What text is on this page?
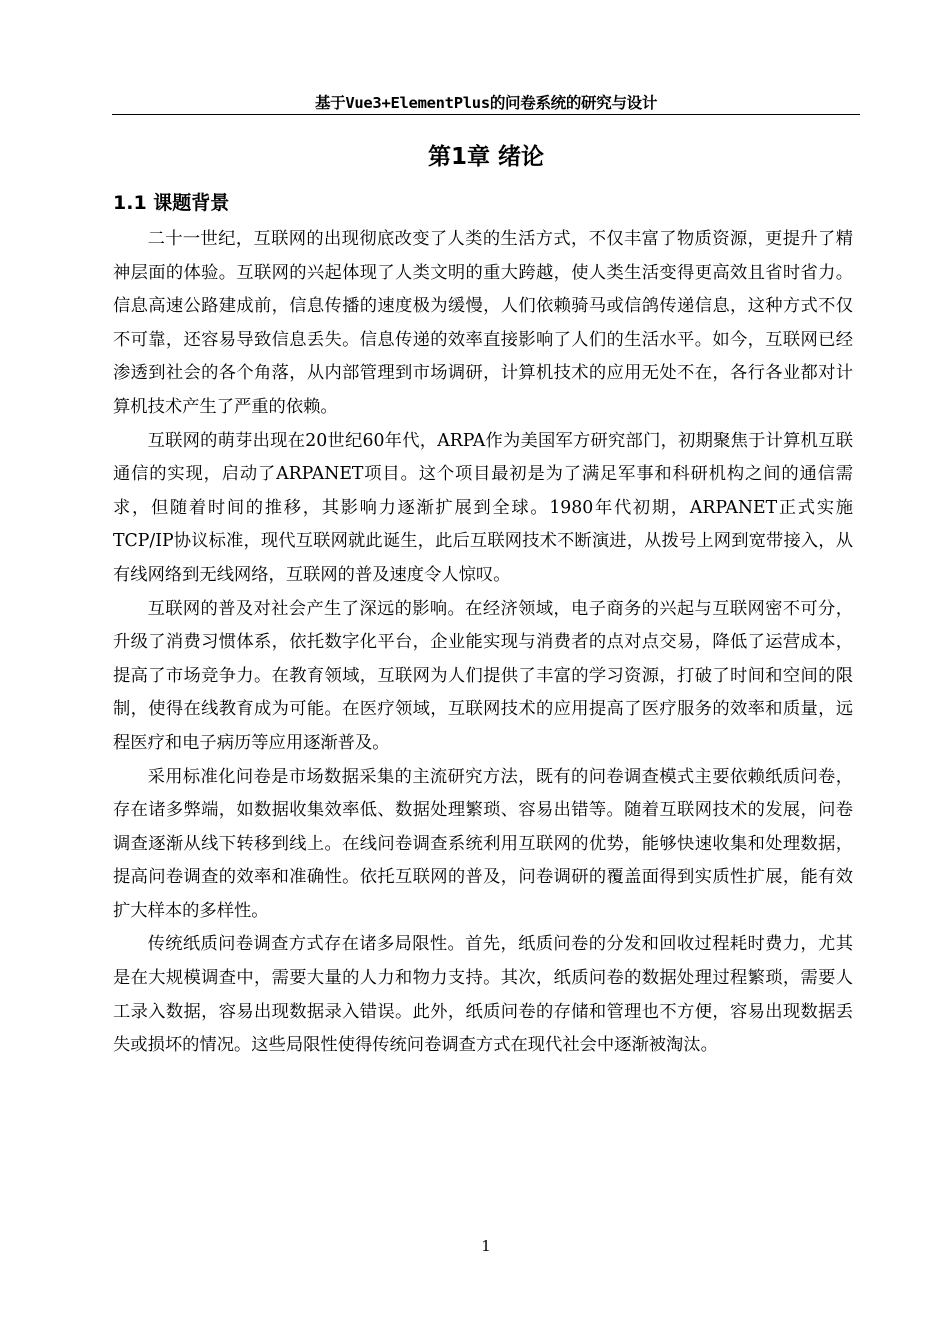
基于Vue3+ElementPlus的问卷系统的研究与设计
第1章 绪论
1.1 课题背景

二十一世纪，互联网的出现彻底改变了人类的生活方式，不仅丰富了物质资源，更提升了精神层面的体验。互联网的兴起体现了人类文明的重大跨越，使人类生活变得更高效且省时省力。信息高速公路建成前，信息传播的速度极为缓慢，人们依赖骑马或信鸽传递信息，这种方式不仅不可靠，还容易导致信息丢失。信息传递的效率直接影响了人们的生活水平。如今，互联网已经渗透到社会的各个角落，从内部管理到市场调研，计算机技术的应用无处不在，各行各业都对计算机技术产生了严重的依赖。

互联网的萌芽出现在20世纪60年代，ARPA作为美国军方研究部门，初期聚焦于计算机互联通信的实现，启动了ARPANET项目。这个项目最初是为了满足军事和科研机构之间的通信需求，但随着时间的推移，其影响力逐渐扩展到全球。1980年代初期，ARPANET正式实施TCP/IP协议标准，现代互联网就此诞生，此后互联网技术不断演进，从拨号上网到宽带接入，从有线网络到无线网络，互联网的普及速度令人惊叹。

互联网的普及对社会产生了深远的影响。在经济领域，电子商务的兴起与互联网密不可分，升级了消费习惯体系，依托数字化平台，企业能实现与消费者的点对点交易，降低了运营成本，提高了市场竞争力。在教育领域，互联网为人们提供了丰富的学习资源，打破了时间和空间的限制，使得在线教育成为可能。在医疗领域，互联网技术的应用提高了医疗服务的效率和质量，远程医疗和电子病历等应用逐渐普及。

采用标准化问卷是市场数据采集的主流研究方法，既有的问卷调查模式主要依赖纸质问卷，存在诸多弊端，如数据收集效率低、数据处理繁琐、容易出错等。随着互联网技术的发展，问卷调查逐渐从线下转移到线上。在线问卷调查系统利用互联网的优势，能够快速收集和处理数据，提高问卷调查的效率和准确性。依托互联网的普及，问卷调研的覆盖面得到实质性扩展，能有效扩大样本的多样性。

传统纸质问卷调查方式存在诸多局限性。首先，纸质问卷的分发和回收过程耗时费力，尤其是在大规模调查中，需要大量的人力和物力支持。其次，纸质问卷的数据处理过程繁琐，需要人工录入数据，容易出现数据录入错误。此外，纸质问卷的存储和管理也不方便，容易出现数据丢失或损坏的情况。这些局限性使得传统问卷调查方式在现代社会中逐渐被淘汰。

1
